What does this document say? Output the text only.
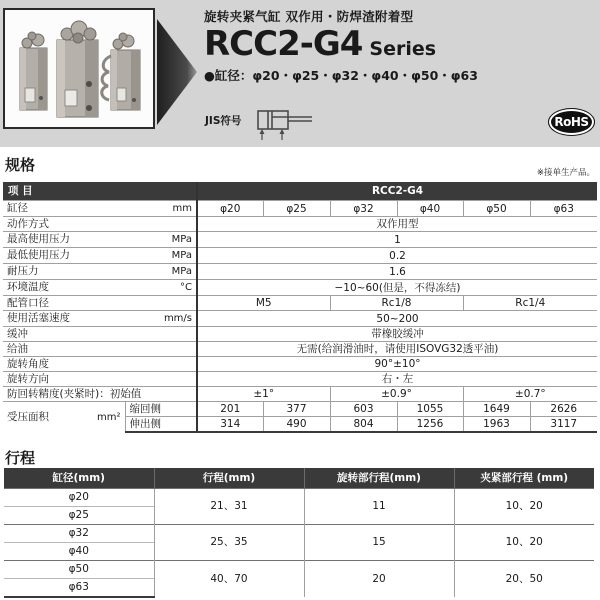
旋转夹紧气缸 双作用・防焊渣附着型
RCC2-G4 Series
●缸径：φ20・φ25・φ32・φ40・φ50・φ63
JIS符号	RoHS
规格	※接单生产品。
项 目		RCC2-G4					

缸径 mm		φ20	φ25	φ32	φ40	φ50	φ63
动作方式		双作用型					

最高使用压力 MPa		1					

最低使用压力 MPa		0.2					

耐压力 MPa		1.6					

环境温度 °C		−10~60(但是，不得冻结)					
配管口径		M5		Rc1/8		Rc1/4	

使用活塞速度 mm/s		50~200					
缓冲		带橡胶缓冲					
给油		无需(给润滑油时，请使用ISOVG32透平油)					
旋转角度		90°±10°					
旋转方向		右・左					
防回转精度(夹紧时)：初始值		±1°		±0.9°		±0.7°	

受压面积 mm²	缩回侧	201	377	603	1055	1649	2626
	伸出侧	314	490	804	1256	1963	3117
行程
缸径(mm)	行程(mm)	旋转部行程(mm)	夹紧部行程 (mm)
φ20	21、31	11	10、20
φ25			
φ32	25、35	15	10、20
φ40			
φ50	40、70	20	20、50
φ63			
